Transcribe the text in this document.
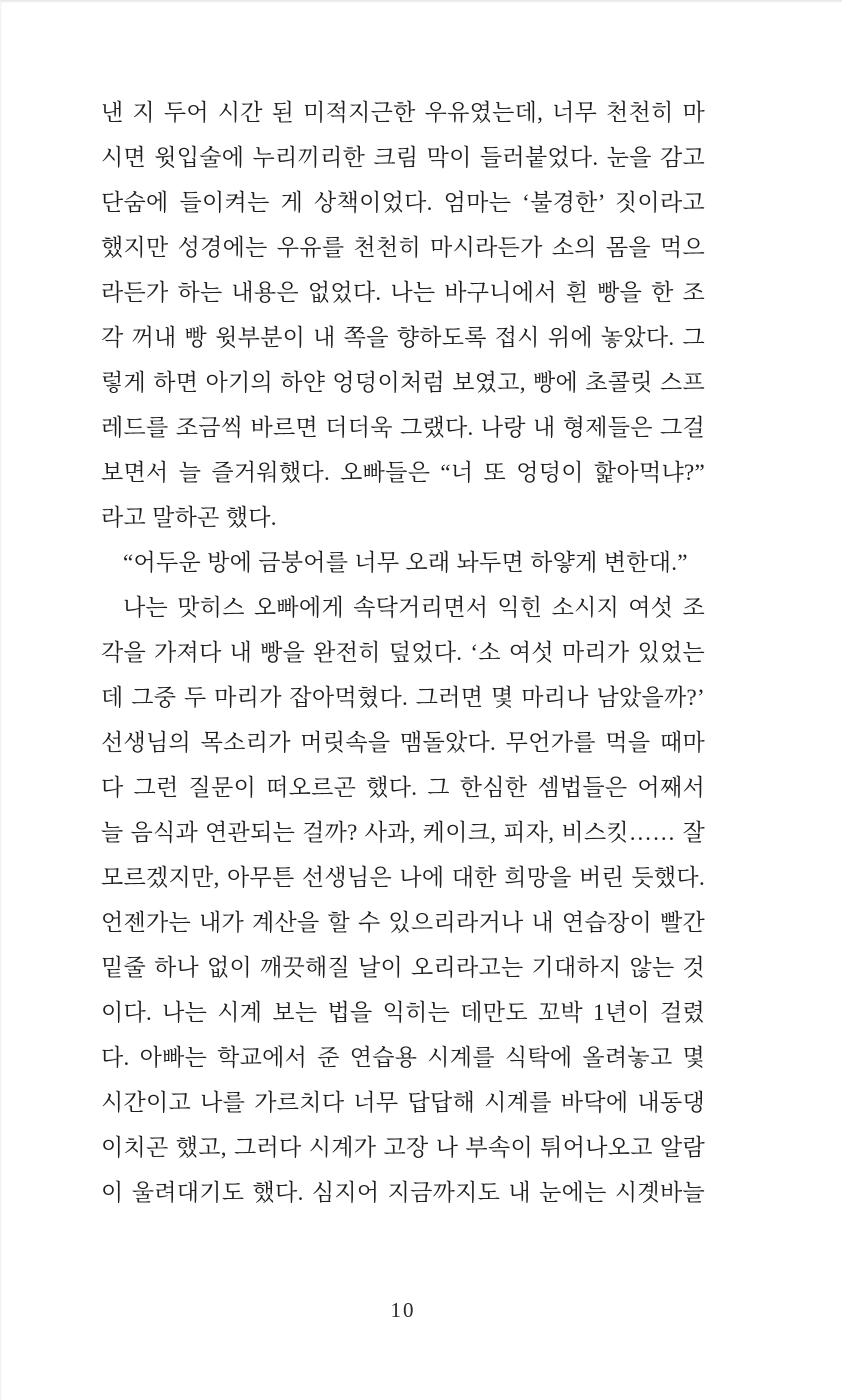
낸 지 두어 시간 된 미적지근한 우유였는데, 너무 천천히 마
시면 윗입술에 누리끼리한 크림 막이 들러붙었다. 눈을 감고
단숨에 들이켜는 게 상책이었다. 엄마는 ‘불경한’ 짓이라고
했지만 성경에는 우유를 천천히 마시라든가 소의 몸을 먹으
라든가 하는 내용은 없었다. 나는 바구니에서 흰 빵을 한 조
각 꺼내 빵 윗부분이 내 쪽을 향하도록 접시 위에 놓았다. 그
렇게 하면 아기의 하얀 엉덩이처럼 보였고, 빵에 초콜릿 스프
레드를 조금씩 바르면 더더욱 그랬다. 나랑 내 형제들은 그걸
보면서 늘 즐거워했다. 오빠들은 “너 또 엉덩이 핥아먹냐?”
라고 말하곤 했다.
“어두운 방에 금붕어를 너무 오래 놔두면 하얗게 변한대.”
나는 맛히스 오빠에게 속닥거리면서 익힌 소시지 여섯 조
각을 가져다 내 빵을 완전히 덮었다. ‘소 여섯 마리가 있었는
데 그중 두 마리가 잡아먹혔다. 그러면 몇 마리나 남았을까?’
선생님의 목소리가 머릿속을 맴돌았다. 무언가를 먹을 때마
다 그런 질문이 떠오르곤 했다. 그 한심한 셈법들은 어째서
늘 음식과 연관되는 걸까? 사과, 케이크, 피자, 비스킷…… 잘
모르겠지만, 아무튼 선생님은 나에 대한 희망을 버린 듯했다.
언젠가는 내가 계산을 할 수 있으리라거나 내 연습장이 빨간
밑줄 하나 없이 깨끗해질 날이 오리라고는 기대하지 않는 것
이다. 나는 시계 보는 법을 익히는 데만도 꼬박 1년이 걸렸
다. 아빠는 학교에서 준 연습용 시계를 식탁에 올려놓고 몇
시간이고 나를 가르치다 너무 답답해 시계를 바닥에 내동댕
이치곤 했고, 그러다 시계가 고장 나 부속이 튀어나오고 알람
이 울려대기도 했다. 심지어 지금까지도 내 눈에는 시곗바늘
10
